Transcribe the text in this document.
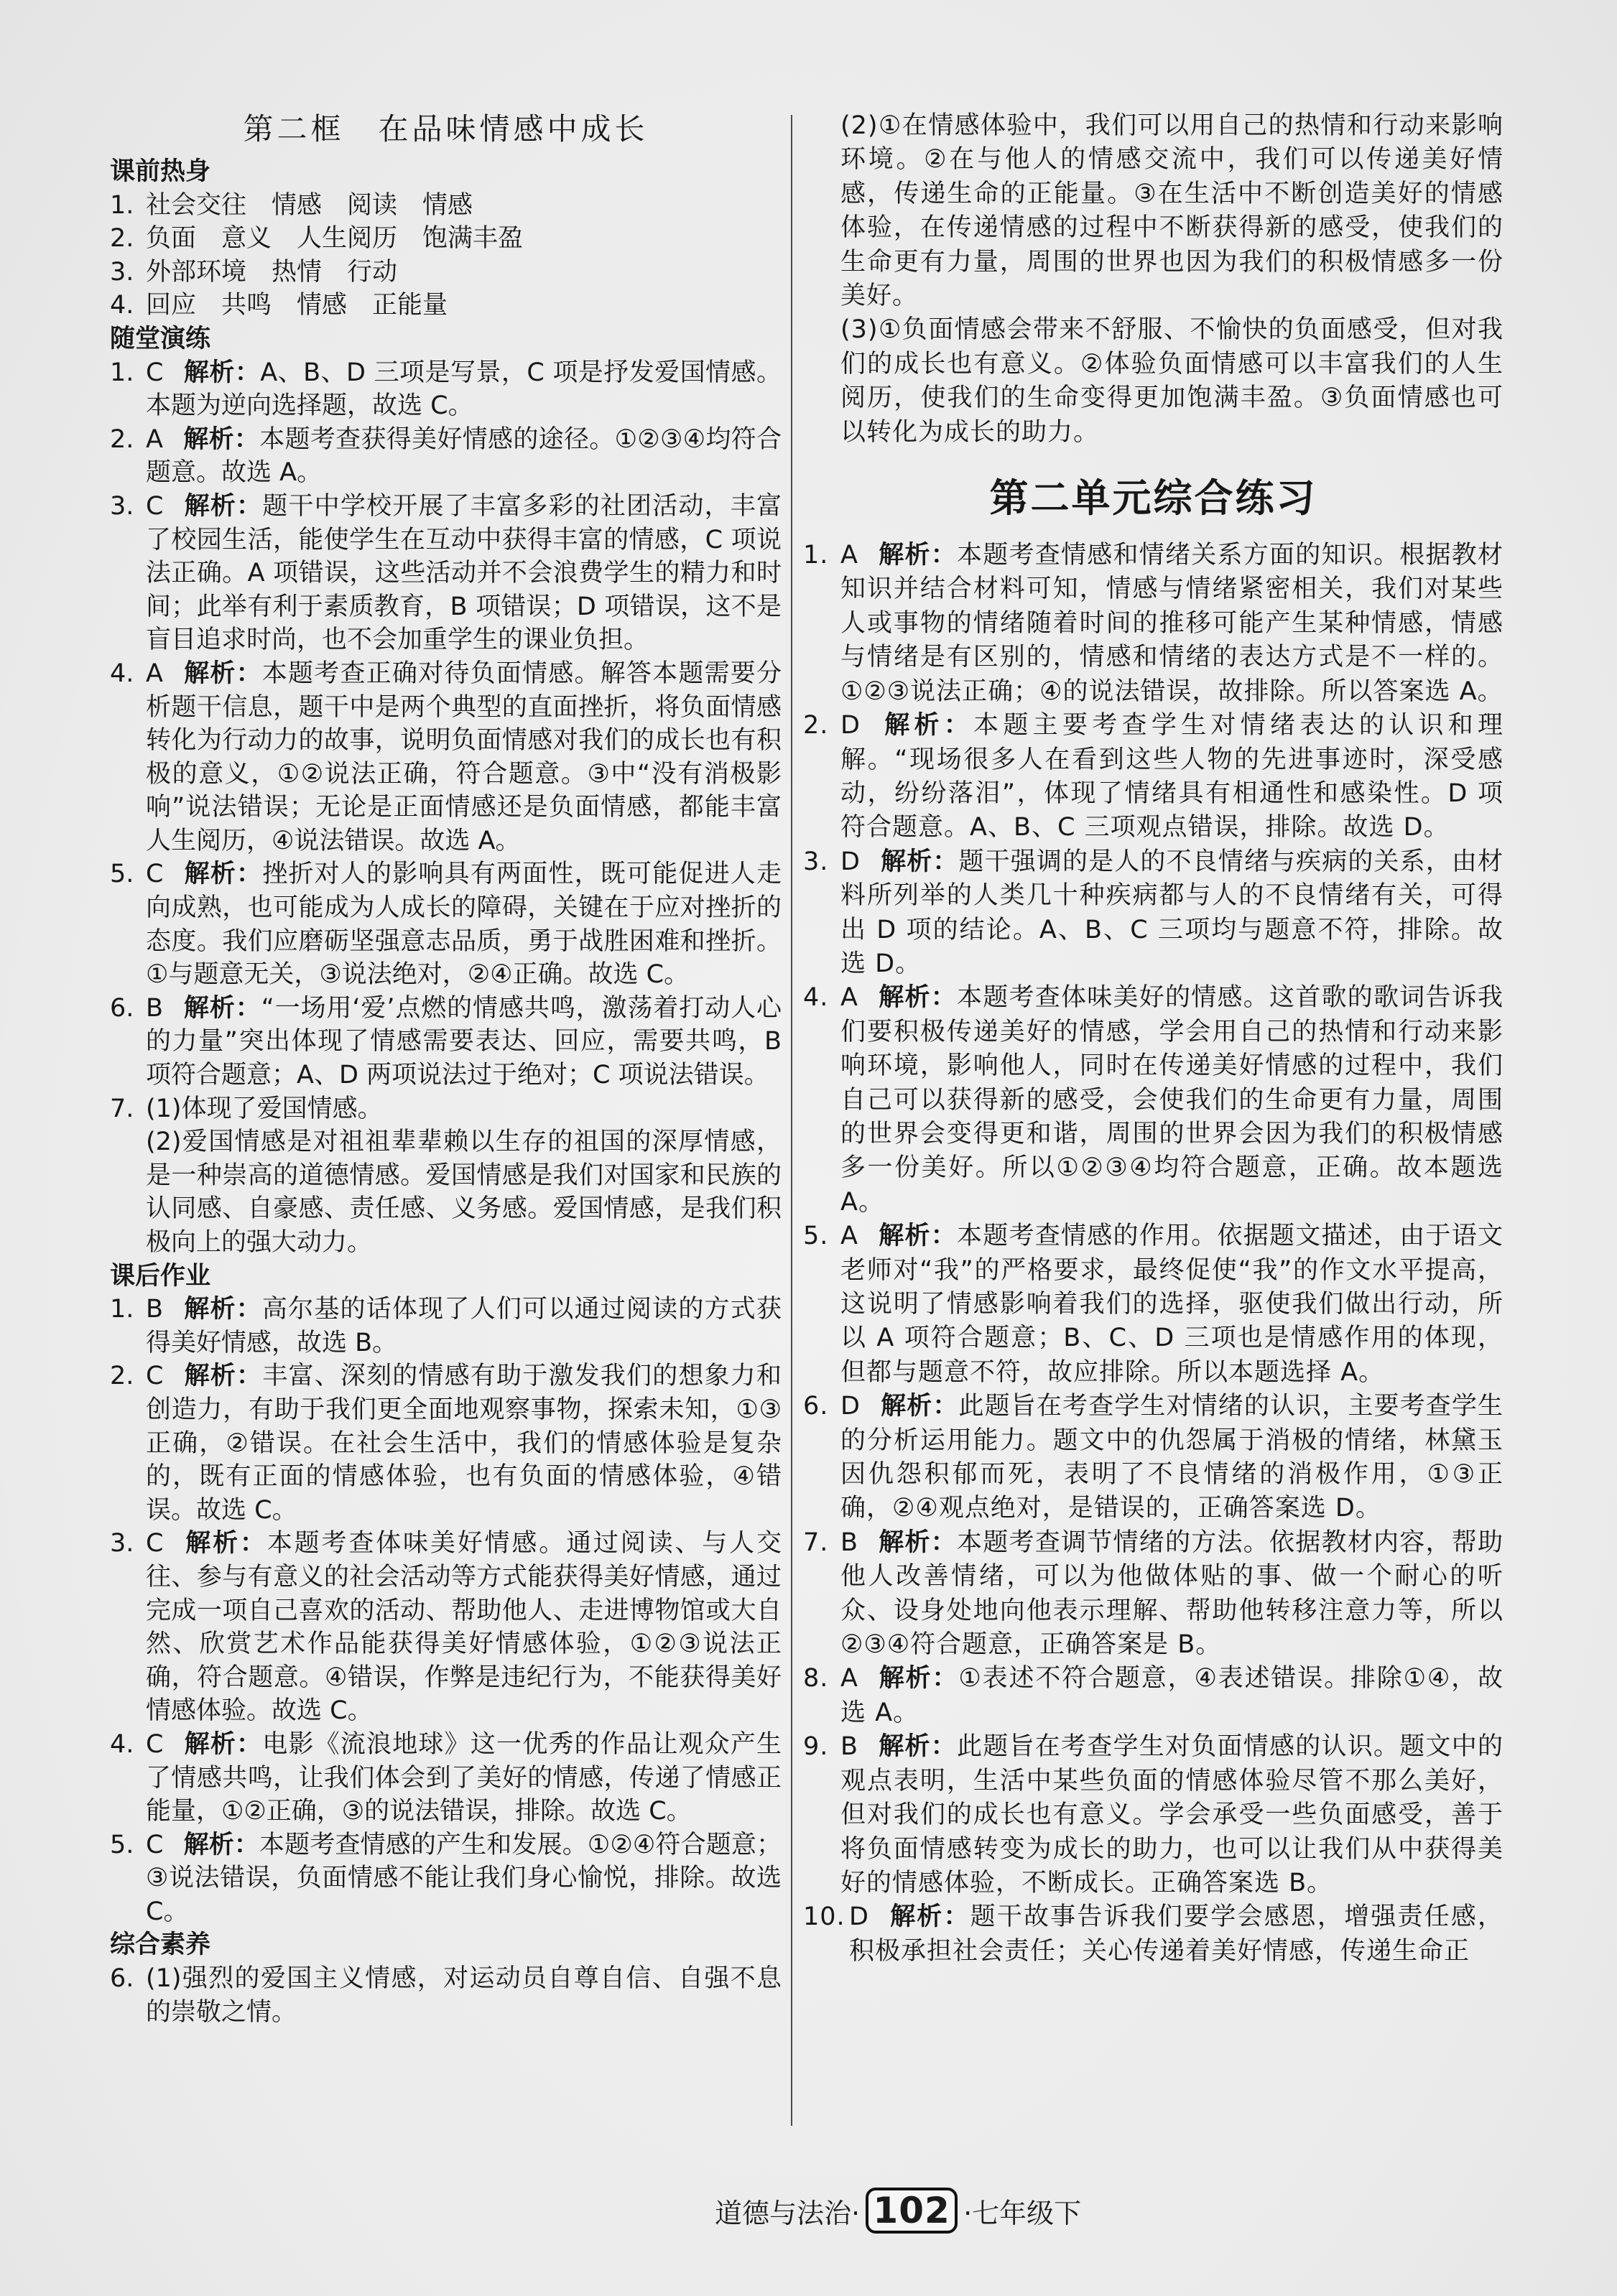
第二框　在品味情感中成长
课前热身
1. 社会交往　情感　阅读　情感
2. 负面　意义　人生阅历　饱满丰盈
3. 外部环境　热情　行动
4. 回应　共鸣　情感　正能量
随堂演练
1. C 解析：A、B、D 三项是写景，C 项是抒发爱国情感。本题为逆向选择题，故选 C。
2. A 解析：本题考查获得美好情感的途径。①②③④均符合题意。故选 A。
3. C 解析：题干中学校开展了丰富多彩的社团活动，丰富了校园生活，能使学生在互动中获得丰富的情感，C 项说法正确。A 项错误，这些活动并不会浪费学生的精力和时间；此举有利于素质教育，B 项错误；D 项错误，这不是盲目追求时尚，也不会加重学生的课业负担。
4. A 解析：本题考查正确对待负面情感。解答本题需要分析题干信息，题干中是两个典型的直面挫折，将负面情感转化为行动力的故事，说明负面情感对我们的成长也有积极的意义，①②说法正确，符合题意。③中“没有消极影响”说法错误；无论是正面情感还是负面情感，都能丰富人生阅历，④说法错误。故选 A。
5. C 解析：挫折对人的影响具有两面性，既可能促进人走向成熟，也可能成为人成长的障碍，关键在于应对挫折的态度。我们应磨砺坚强意志品质，勇于战胜困难和挫折。①与题意无关，③说法绝对，②④正确。故选 C。
6. B 解析：“一场用‘爱’点燃的情感共鸣，激荡着打动人心的力量”突出体现了情感需要表达、回应，需要共鸣，B 项符合题意；A、D 两项说法过于绝对；C 项说法错误。
7. (1)体现了爱国情感。
(2)爱国情感是对祖祖辈辈赖以生存的祖国的深厚情感，是一种崇高的道德情感。爱国情感是我们对国家和民族的认同感、自豪感、责任感、义务感。爱国情感，是我们积极向上的强大动力。
课后作业
1. B 解析：高尔基的话体现了人们可以通过阅读的方式获得美好情感，故选 B。
2. C 解析：丰富、深刻的情感有助于激发我们的想象力和创造力，有助于我们更全面地观察事物，探索未知，①③正确，②错误。在社会生活中，我们的情感体验是复杂的，既有正面的情感体验，也有负面的情感体验，④错误。故选 C。
3. C 解析：本题考查体味美好情感。通过阅读、与人交往、参与有意义的社会活动等方式能获得美好情感，通过完成一项自己喜欢的活动、帮助他人、走进博物馆或大自然、欣赏艺术作品能获得美好情感体验，①②③说法正确，符合题意。④错误，作弊是违纪行为，不能获得美好情感体验。故选 C。
4. C 解析：电影《流浪地球》这一优秀的作品让观众产生了情感共鸣，让我们体会到了美好的情感，传递了情感正能量，①②正确，③的说法错误，排除。故选 C。
5. C 解析：本题考查情感的产生和发展。①②④符合题意；③说法错误，负面情感不能让我们身心愉悦，排除。故选 C。
综合素养
6. (1)强烈的爱国主义情感，对运动员自尊自信、自强不息的崇敬之情。
(2)①在情感体验中，我们可以用自己的热情和行动来影响环境。②在与他人的情感交流中，我们可以传递美好情感，传递生命的正能量。③在生活中不断创造美好的情感体验，在传递情感的过程中不断获得新的感受，使我们的生命更有力量，周围的世界也因为我们的积极情感多一份美好。
(3)①负面情感会带来不舒服、不愉快的负面感受，但对我们的成长也有意义。②体验负面情感可以丰富我们的人生阅历，使我们的生命变得更加饱满丰盈。③负面情感也可以转化为成长的助力。
第二单元综合练习
1. A 解析：本题考查情感和情绪关系方面的知识。根据教材知识并结合材料可知，情感与情绪紧密相关，我们对某些人或事物的情绪随着时间的推移可能产生某种情感，情感与情绪是有区别的，情感和情绪的表达方式是不一样的。①②③说法正确；④的说法错误，故排除。所以答案选 A。
2. D 解析：本题主要考查学生对情绪表达的认识和理解。“现场很多人在看到这些人物的先进事迹时，深受感动，纷纷落泪”，体现了情绪具有相通性和感染性。D 项符合题意。A、B、C 三项观点错误，排除。故选 D。
3. D 解析：题干强调的是人的不良情绪与疾病的关系，由材料所列举的人类几十种疾病都与人的不良情绪有关，可得出 D 项的结论。A、B、C 三项均与题意不符，排除。故选 D。
4. A 解析：本题考查体味美好的情感。这首歌的歌词告诉我们要积极传递美好的情感，学会用自己的热情和行动来影响环境，影响他人，同时在传递美好情感的过程中，我们自己可以获得新的感受，会使我们的生命更有力量，周围的世界会变得更和谐，周围的世界会因为我们的积极情感多一份美好。所以①②③④均符合题意，正确。故本题选 A。
5. A 解析：本题考查情感的作用。依据题文描述，由于语文老师对“我”的严格要求，最终促使“我”的作文水平提高，这说明了情感影响着我们的选择，驱使我们做出行动，所以 A 项符合题意；B、C、D 三项也是情感作用的体现，但都与题意不符，故应排除。所以本题选择 A。
6. D 解析：此题旨在考查学生对情绪的认识，主要考查学生的分析运用能力。题文中的仇怨属于消极的情绪，林黛玉因仇怨积郁而死，表明了不良情绪的消极作用，①③正确，②④观点绝对，是错误的，正确答案选 D。
7. B 解析：本题考查调节情绪的方法。依据教材内容，帮助他人改善情绪，可以为他做体贴的事、做一个耐心的听众、设身处地向他表示理解、帮助他转移注意力等，所以②③④符合题意，正确答案是 B。
8. A 解析：①表述不符合题意，④表述错误。排除①④，故选 A。
9. B 解析：此题旨在考查学生对负面情感的认识。题文中的观点表明，生活中某些负面的情感体验尽管不那么美好，但对我们的成长也有意义。学会承受一些负面感受，善于将负面情感转变为成长的助力，也可以让我们从中获得美好的情感体验，不断成长。正确答案选 B。
10. D 解析：题干故事告诉我们要学会感恩，增强责任感，积极承担社会责任；关心传递着美好情感，传递生命正
道德与法治· 102 ·七年级下
